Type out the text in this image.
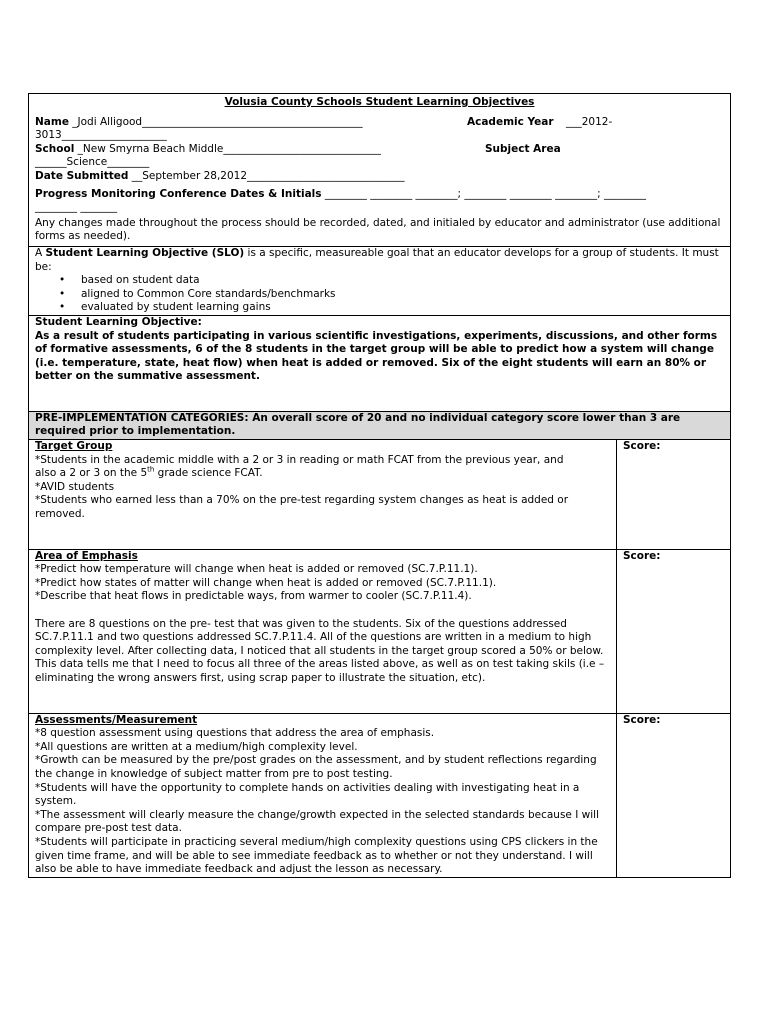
Volusia County Schools Student Learning Objectives
Name _Jodi Alligood__________________________________________	Academic Year ___2012-
3013____________________
School _New Smyrna Beach Middle______________________________	Subject Area
______Science________
Date Submitted __September 28,2012______________________________
Progress Monitoring Conference Dates & Initials ________ ________ ________; ________ ________ ________; ________
________ _______
Any changes made throughout the process should be recorded, dated, and initialed by educator and administrator (use additional forms as needed).
A Student Learning Objective (SLO) is a specific, measureable goal that an educator develops for a group of students. It must be:
• based on student data
• aligned to Common Core standards/benchmarks
• evaluated by student learning gains
Student Learning Objective:
As a result of students participating in various scientific investigations, experiments, discussions, and other forms of formative assessments, 6 of the 8 students in the target group will be able to predict how a system will change (i.e. temperature, state, heat flow) when heat is added or removed. Six of the eight students will earn an 80% or better on the summative assessment.
PRE-IMPLEMENTATION CATEGORIES: An overall score of 20 and no individual category score lower than 3 are required prior to implementation.
Target Group
*Students in the academic middle with a 2 or 3 in reading or math FCAT from the previous year, and
also a 2 or 3 on the 5th grade science FCAT.
*AVID students
*Students who earned less than a 70% on the pre-test regarding system changes as heat is added or removed.
Score:
Area of Emphasis
*Predict how temperature will change when heat is added or removed (SC.7.P.11.1).
*Predict how states of matter will change when heat is added or removed (SC.7.P.11.1).
*Describe that heat flows in predictable ways, from warmer to cooler (SC.7.P.11.4).
There are 8 questions on the pre- test that was given to the students. Six of the questions addressed SC.7.P.11.1 and two questions addressed SC.7.P.11.4. All of the questions are written in a medium to high complexity level. After collecting data, I noticed that all students in the target group scored a 50% or below. This data tells me that I need to focus all three of the areas listed above, as well as on test taking skils (i.e – eliminating the wrong answers first, using scrap paper to illustrate the situation, etc).
Score:
Assessments/Measurement
*8 question assessment using questions that address the area of emphasis.
*All questions are written at a medium/high complexity level.
*Growth can be measured by the pre/post grades on the assessment, and by student reflections regarding the change in knowledge of subject matter from pre to post testing.
*Students will have the opportunity to complete hands on activities dealing with investigating heat in a system.
*The assessment will clearly measure the change/growth expected in the selected standards because I will compare pre-post test data.
*Students will participate in practicing several medium/high complexity questions using CPS clickers in the given time frame, and will be able to see immediate feedback as to whether or not they understand. I will also be able to have immediate feedback and adjust the lesson as necessary.
Score:
